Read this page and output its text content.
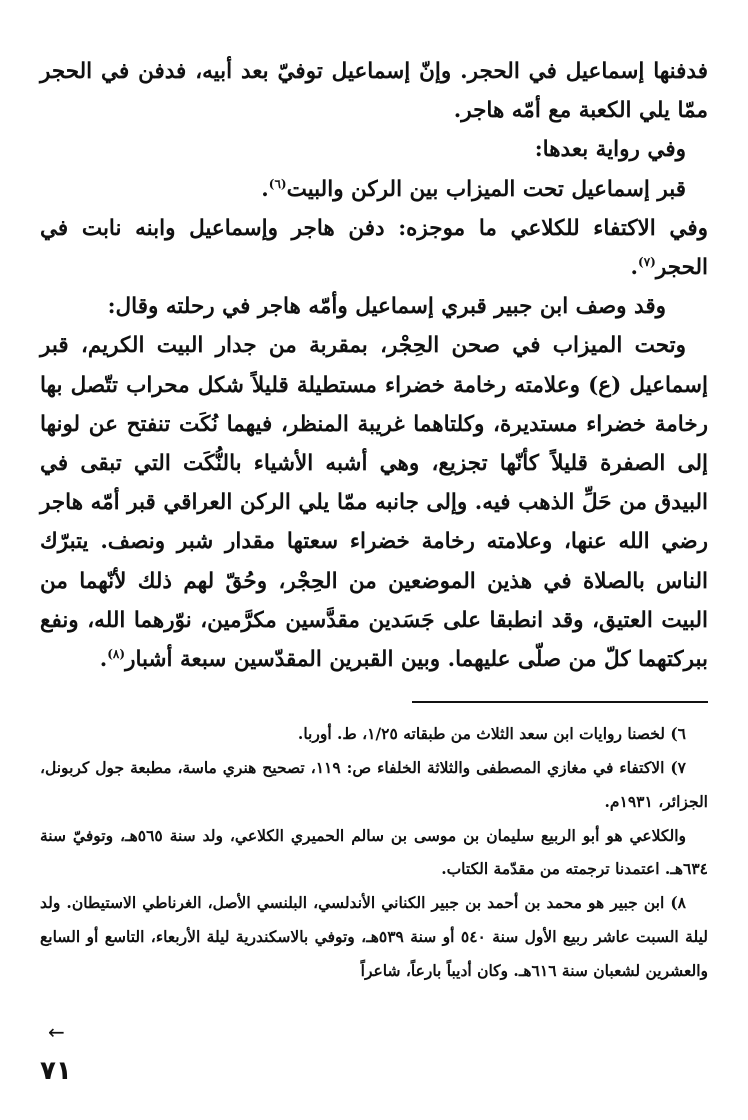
فدفنها إسماعيل في الحجر. وإنّ إسماعيل توفيّ بعد أبيه، فدفن في الحجر ممّا يلي الكعبة مع أمّه هاجر.

وفي رواية بعدها:

قبر إسماعيل تحت الميزاب بين الركن والبيت$^{(٦)}$.

وفي الاكتفاء للكلاعي ما موجزه: دفن هاجر وإسماعيل وابنه نابت في الحجر$^{(٧)}$.

وقد وصف ابن جبير قبري إسماعيل وأمّه هاجر في رحلته وقال:

وتحت الميزاب في صحن الحِجْر، بمقربة من جدار البيت الكريم، قبر إسماعيل (ع) وعلامته رخامة خضراء مستطيلة قليلاً شكل محراب تتّصل بها رخامة خضراء مستديرة، وكلتاهما غريبة المنظر، فيهما نُكَت تنفتح عن لونها إلى الصفرة قليلاً كأنّها تجزيع، وهي أشبه الأشياء بالنُّكَت التي تبقى في البيدق من حَلِّ الذهب فيه. وإلى جانبه ممّا يلي الركن العراقي قبر أمّه هاجر رضي الله عنها، وعلامته رخامة خضراء سعتها مقدار شبر ونصف. يتبرّك الناس بالصلاة في هذين الموضعين من الحِجْر، وحُقّ لهم ذلك لأنّهما من البيت العتيق، وقد انطبقا على جَسَدين مقدَّسين مكرَّمين، نوّرهما الله، ونفع ببركتهما كلّ من صلّى عليهما. وبين القبرين المقدّسين سبعة أشبار$^{(٨)}$.

٦) لخصنا روايات ابن سعد الثلاث من طبقاته ١/٢٥، ط. أوربا.

٧) الاكتفاء في مغازي المصطفى والثلاثة الخلفاء ص: ١١٩، تصحيح هنري ماسة، مطبعة جول كربونل، الجزائر، ١٩٣١م.

والكلاعي هو أبو الربيع سليمان بن موسى بن سالم الحميري الكلاعي، ولد سنة ٥٦٥هـ، وتوفيّ سنة ٦٣٤هـ. اعتمدنا ترجمته من مقدّمة الكتاب.

٨) ابن جبير هو محمد بن أحمد بن جبير الكناني الأندلسي، البلنسي الأصل، الغرناطي الاستيطان. ولد ليلة السبت عاشر ربيع الأول سنة ٥٤٠ أو سنة ٥٣٩هـ، وتوفي بالاسكندرية ليلة الأربعاء، التاسع أو السابع والعشرين لشعبان سنة ٦١٦هـ. وكان أديباً بارعاً، شاعراً

←
٧١
